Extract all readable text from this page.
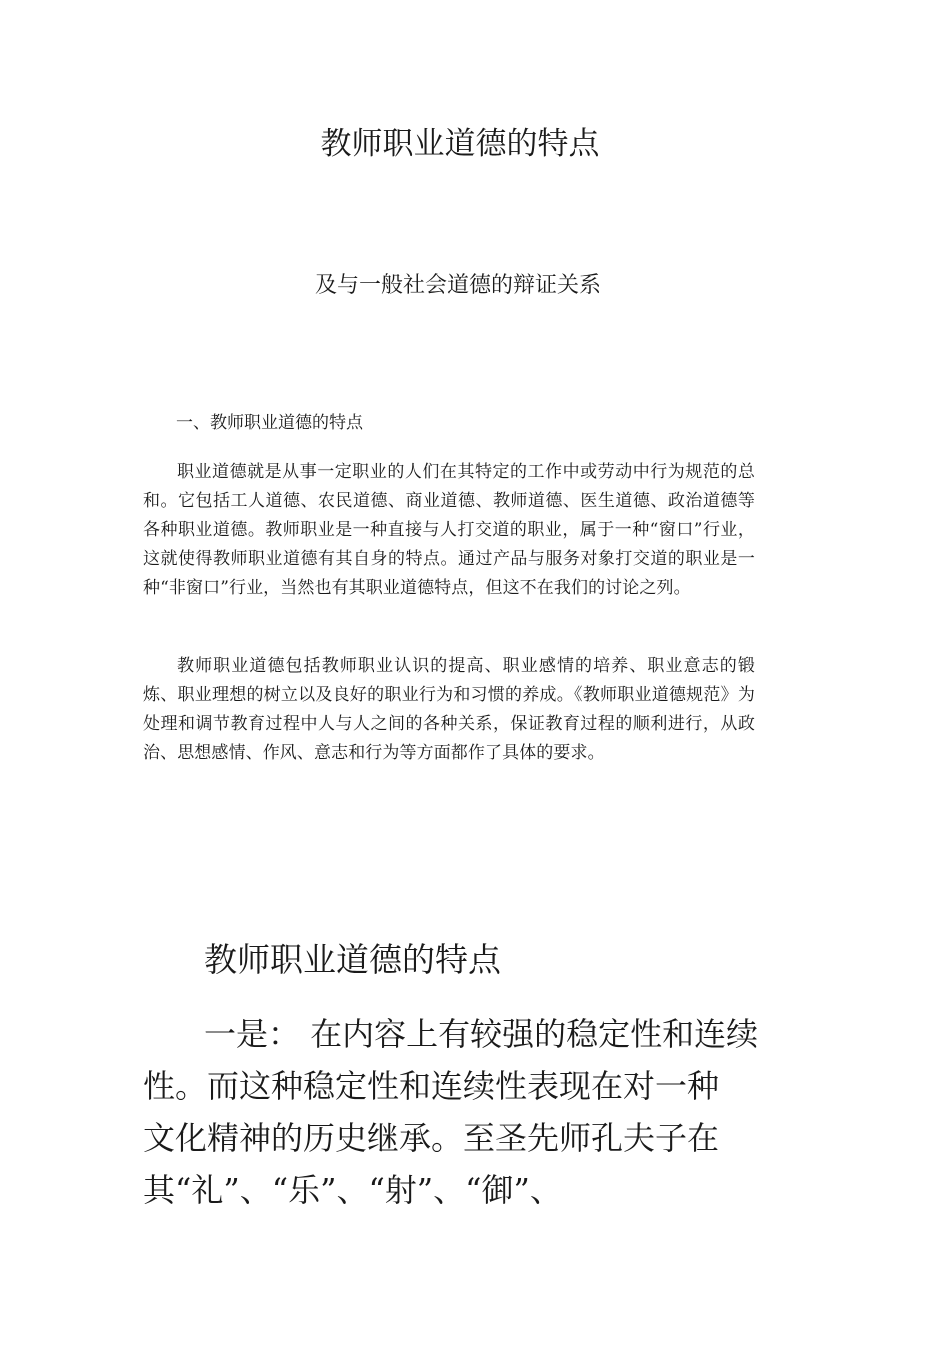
教师职业道德的特点
及与一般社会道德的辩证关系
一、教师职业道德的特点

职业道德就是从事一定职业的人们在其特定的工作中或劳动中行为规范的总和。它包括工人道德、农民道德、商业道德、教师道德、医生道德、政治道德等各种职业道德。教师职业是一种直接与人打交道的职业，属于一种“窗口”行业，这就使得教师职业道德有其自身的特点。通过产品与服务对象打交道的职业是一种“非窗口”行业，当然也有其职业道德特点，但这不在我们的讨论之列。

教师职业道德包括教师职业认识的提高、职业感情的培养、职业意志的锻炼、职业理想的树立以及良好的职业行为和习惯的养成。《教师职业道德规范》为处理和调节教育过程中人与人之间的各种关系，保证教育过程的顺利进行，从政治、思想感情、作风、意志和行为等方面都作了具体的要求。

教师职业道德的特点
一是： 在内容上有较强的稳定性和连续
性。而这种稳定性和连续性表现在对一种
文化精神的历史继承。至圣先师孔夫子在
其“礼”、“乐”、“射”、“御”、
